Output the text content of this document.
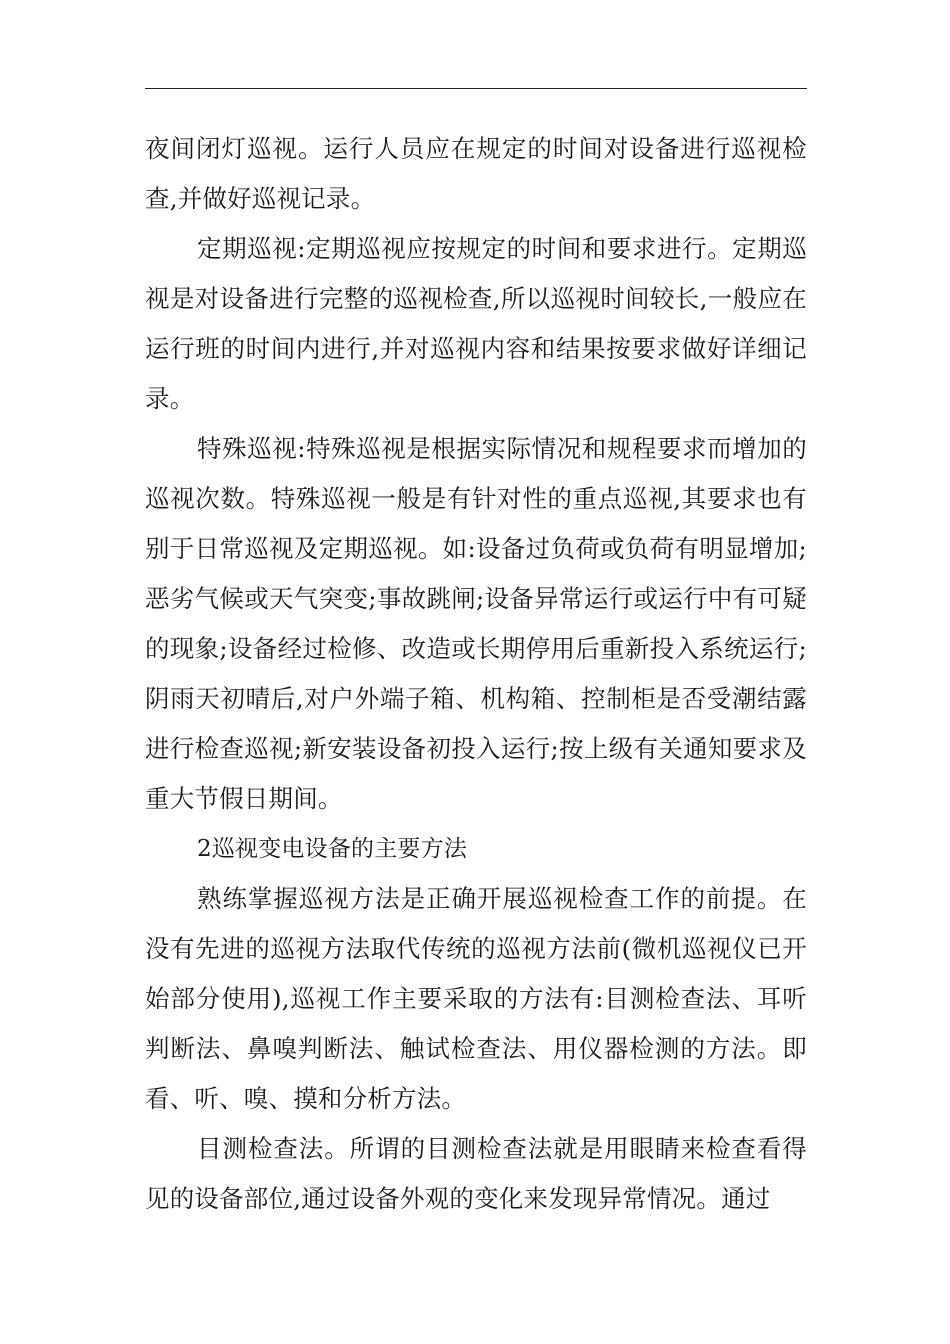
夜间闭灯巡视。运行人员应在规定的时间对设备进行巡视检查,并做好巡视记录。

定期巡视:定期巡视应按规定的时间和要求进行。定期巡视是对设备进行完整的巡视检查,所以巡视时间较长,一般应在运行班的时间内进行,并对巡视内容和结果按要求做好详细记录。

特殊巡视:特殊巡视是根据实际情况和规程要求而增加的巡视次数。特殊巡视一般是有针对性的重点巡视,其要求也有别于日常巡视及定期巡视。如:设备过负荷或负荷有明显增加;恶劣气候或天气突变;事故跳闸;设备异常运行或运行中有可疑的现象;设备经过检修、改造或长期停用后重新投入系统运行;阴雨天初晴后,对户外端子箱、机构箱、控制柜是否受潮结露进行检查巡视;新安装设备初投入运行;按上级有关通知要求及重大节假日期间。

2巡视变电设备的主要方法

熟练掌握巡视方法是正确开展巡视检查工作的前提。在没有先进的巡视方法取代传统的巡视方法前(微机巡视仪已开始部分使用),巡视工作主要采取的方法有:目测检查法、耳听判断法、鼻嗅判断法、触试检查法、用仪器检测的方法。即看、听、嗅、摸和分析方法。

目测检查法。所谓的目测检查法就是用眼睛来检查看得见的设备部位,通过设备外观的变化来发现异常情况。通过
